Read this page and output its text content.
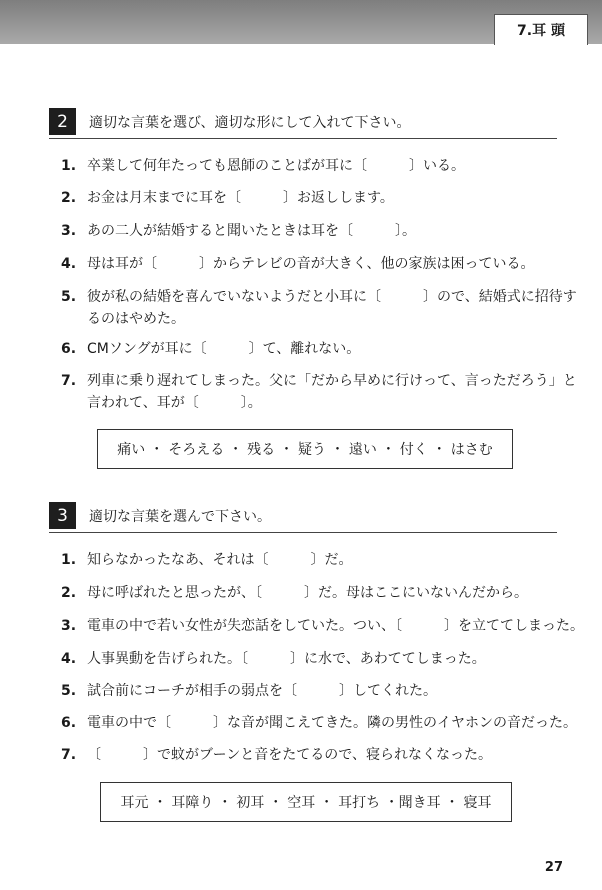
7.耳 頭
2	適切な言葉を選び、適切な形にして入れて下さい。
1. 卒業して何年たっても恩師のことばが耳に〔　　　〕いる。
2. お金は月末までに耳を〔　　　〕お返しします。
3. あの二人が結婚すると聞いたときは耳を〔　　　〕。
4. 母は耳が〔　　　〕からテレビの音が大きく、他の家族は困っている。
5. 彼が私の結婚を喜んでいないようだと小耳に〔　　　〕ので、結婚式に招待す
るのはやめた。
6. CMソングが耳に〔　　　〕て、離れない。
7. 列車に乗り遅れてしまった。父に「だから早めに行けって、言っただろう」と
言われて、耳が〔　　　〕。
痛い ・ そろえる ・ 残る ・ 疑う ・ 遠い ・ 付く ・ はさむ
3	適切な言葉を選んで下さい。
1. 知らなかったなあ、それは〔　　　〕だ。
2. 母に呼ばれたと思ったが、〔　　　〕だ。母はここにいないんだから。
3. 電車の中で若い女性が失恋話をしていた。つい、〔　　　〕を立ててしまった。
4. 人事異動を告げられた。〔　　　〕に水で、あわててしまった。
5. 試合前にコーチが相手の弱点を〔　　　〕してくれた。
6. 電車の中で〔　　　〕な音が聞こえてきた。隣の男性のイヤホンの音だった。
7. 〔　　　〕で蚊がブーンと音をたてるので、寝られなくなった。
耳元 ・ 耳障り ・ 初耳 ・ 空耳 ・ 耳打ち ・聞き耳 ・ 寝耳
27
